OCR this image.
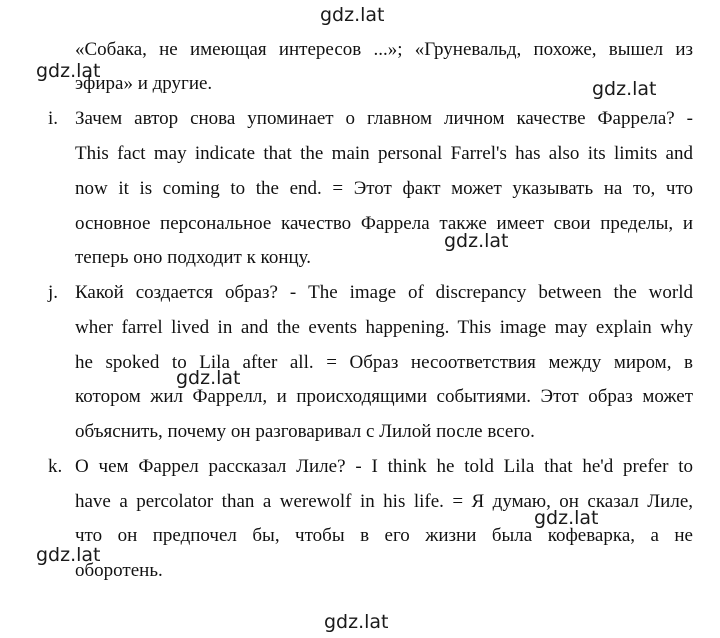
gdz.lat
gdz.lat
gdz.lat
gdz.lat
gdz.lat
gdz.lat
gdz.lat
gdz.lat
«Собака, не имеющая интересов ...»; «Груневальд, похоже, вышел из
эфира» и другие.
i. Зачем автор снова упоминает о главном личном качестве Фаррела? -
This fact may indicate that the main personal Farrel's has also its limits and
now it is coming to the end. = Этот факт может указывать на то, что
основное персональное качество Фаррела также имеет свои пределы, и
теперь оно подходит к концу.
j. Какой создается образ? - The image of discrepancy between the world
wher farrel lived in and the events happening. This image may explain why
he spoked to Lila after all. = Образ несоответствия между миром, в
котором жил Фаррелл, и происходящими событиями. Этот образ может
объяснить, почему он разговаривал с Лилой после всего.
k. О чем Фаррел рассказал Лиле? - I think he told Lila that he'd prefer to
have a percolator than a werewolf in his life. = Я думаю, он сказал Лиле,
что он предпочел бы, чтобы в его жизни была кофеварка, а не
оборотень.
